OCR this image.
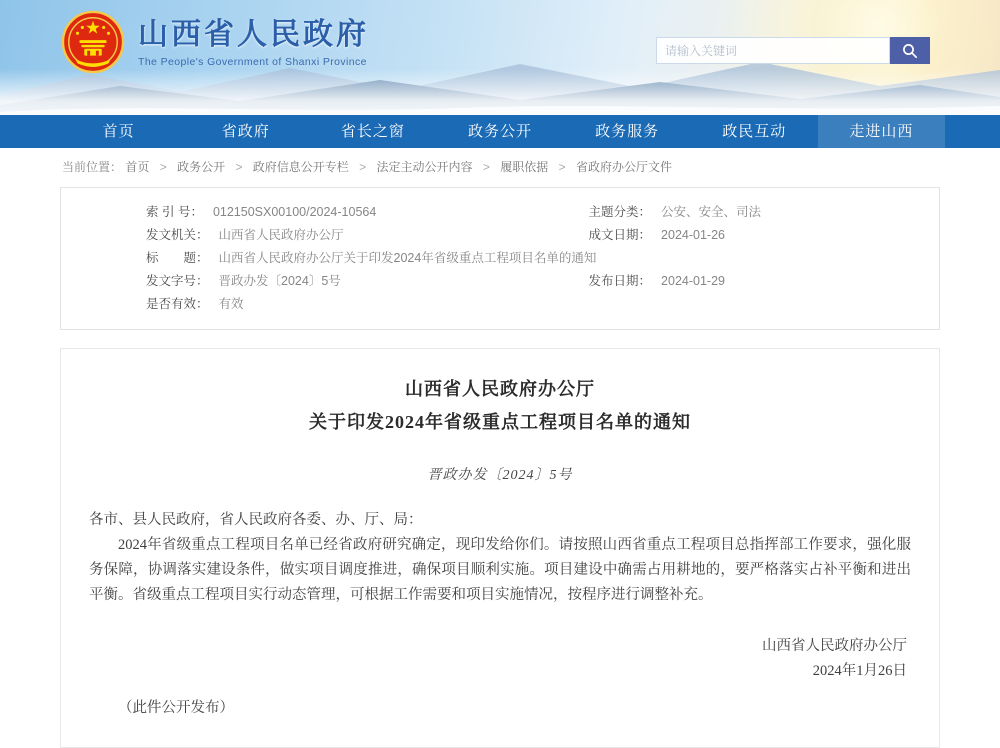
山西省人民政府
The People's Government of Shanxi Province
请输入关键词
首页	省政府	省长之窗	政务公开	政务服务	政民互动	走进山西
当前位置： 首页 > 政务公开 > 政府信息公开专栏 > 法定主动公开内容 > 履职依据 > 省政府办公厅文件
索 引 号： 012150SX00100/2024-10564	主题分类： 公安、安全、司法
发文机关： 山西省人民政府办公厅	成文日期： 2024-01-26
标　　题： 山西省人民政府办公厅关于印发2024年省级重点工程项目名单的通知
发文字号： 晋政办发〔2024〕5号	发布日期： 2024-01-29
是否有效： 有效
山西省人民政府办公厅
关于印发2024年省级重点工程项目名单的通知
晋政办发〔2024〕5号

各市、县人民政府，省人民政府各委、办、厅、局：

2024年省级重点工程项目名单已经省政府研究确定，现印发给你们。请按照山西省重点工程项目总指挥部工作要求，强化服务保障，协调落实建设条件，做实项目调度推进，确保项目顺利实施。项目建设中确需占用耕地的，要严格落实占补平衡和进出平衡。省级重点工程项目实行动态管理，可根据工作需要和项目实施情况，按程序进行调整补充。

山西省人民政府办公厅
2024年1月26日

（此件公开发布）
